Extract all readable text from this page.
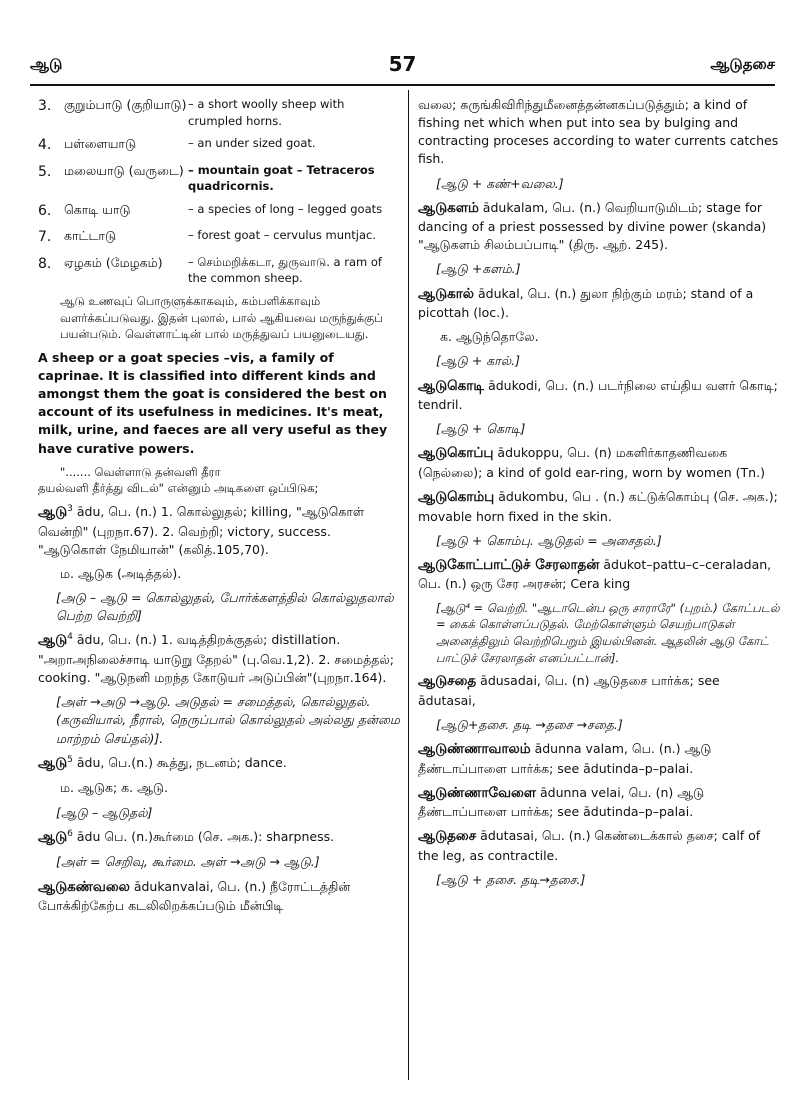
ஆடு	57	ஆடுதசை
3.	குறும்பாடு (குறியாடு) – a short woolly sheep with crumpled horns.
4.	பள்ளையாடு	– an under sized goat.
5.	மலையாடு (வருடை) – mountain goat – Tetraceros quadricornis.
6.	கொடி யாடு	– a species of long – legged goats
7.	காட்டாடு	– forest goat – cervulus muntjac.
8.	ஏழகம் (மேழகம்)	– செம்மறிக்கடா, துருவாடு. a ram of the common sheep.

ஆடு உணவுப் பொருளுக்காகவும், கம்பளிக்காவும் வளர்க்கப்படுவது. இதன் புலால், பால் ஆகியவை மருந்துக்குப் பயன்படும். வெள்ளாட்டின் பால் மருத்துவப் பயனுடையது.

A sheep or a goat species –vis, a family of caprinae. It is classified into different kinds and amongst them the goat is considered the best on account of its usefulness in medicines. It's meat, milk, urine, and faeces are all very useful as they have curative powers.

"....... வெள்ளாடு தன்வளி தீரா

தயல்வளி தீர்த்து விடல்" என்னும் அடிகளை ஒப்பிடுக;

ஆடு$^3$ ādu, பெ. (n.) 1. கொல்லுதல்; killing, "ஆடுகொள் வென்றி" (புறநா.67). 2. வெற்றி; victory, success. "ஆடுகொள் நேமியான்" (கலித்.105,70).

ம. ஆடுக (அடித்தல்).

[அடு – ஆடு = கொல்லுதல், போர்க்களத்தில் கொல்லுதலால் பெற்ற வெற்றி]

ஆடு$^4$ ādu, பெ. (n.) 1. வடித்திறக்குதல்; distillation. "அறாஅநிலைச்சாடி யாடுறு தேறல்" (பு.வெ.1,2). 2. சமைத்தல்; cooking. "ஆடுநனி மறந்த கோடுயர் அடுப்பின்"(புறநா.164).

[அள் →அடு →ஆடு. அடுதல் = சமைத்தல், கொல்லுதல். (கருவியால், நீரால், நெருப்பால் கொல்லுதல் அல்லது தன்மை மாற்றம் செய்தல்)].

ஆடு$^5$ ādu, பெ.(n.) கூத்து, நடனம்; dance.

ம. ஆடுக; க. ஆடு.

[ஆடு – ஆடுதல்]

ஆடு$^6$ ādu பெ. (n.)கூர்மை (செ. அக.): sharpness.

[அள் = செறிவு, கூர்மை. அள் →அடு → ஆடு.]

ஆடுகண்வலை ādukanvalai, பெ. (n.) நீரோட்டத்தின் போக்கிற்கேற்ப கடலிலிறக்கப்படும் மீன்பிடி

வலை; சுருங்கிவிரிந்துமீனைத்தன்னகப்படுத்தும்; a kind of fishing net which when put into sea by bulging and contracting proceses according to water currents catches fish.

[ஆடு + கண்+வலை.]

ஆடுகளம் ādukalam, பெ. (n.) வெறியாடுமிடம்; stage for dancing of a priest possessed by divine power (skanda) "ஆடுகளம் சிலம்பப்பாடி" (திரு. ஆற். 245).

[ஆடு +களம்.]

ஆடுகால் ādukal, பெ. (n.) துலா நிற்கும் மரம்; stand of a picottah (loc.).

க. ஆடுந்தொலே.

[ஆடு + கால்.]

ஆடுகொடி ādukodi, பெ. (n.) படர்நிலை எய்திய வளர் கொடி; tendril.

[ஆடு + கொடி]

ஆடுகொப்பு ādukoppu, பெ. (n) மகளிர்காதணிவகை (நெல்லை); a kind of gold ear-ring, worn by women (Tn.)

ஆடுகொம்பு ādukombu, பெ . (n.) கட்டுக்கொம்பு (செ. அக.); movable horn fixed in the skin.

[ஆடு + கொம்பு. ஆடுதல் = அசைதல்.]

ஆடுகோட்பாட்டுச் சேரலாதன் ādukot–pattu–c–ceraladan, பெ. (n.) ஒரு சேர அரசன்; Cera king

[ஆடு⁴ = வெற்றி. "ஆடாடென்ப ஒரு சாராரே" (புறம்.) கோட்படல் = கைக் கொள்ளப்படுதல். மேற்கொள்ளும் செயற்பாடுகள் அனைத்திலும் வெற்றிபெறும் இயல்பினன். ஆதலின் ஆடு கோட் பாட்டுச் சேரலாதன் எனப்பட்டான்].

ஆடுசதை ādusadai, பெ. (n) ஆடுதசை பார்க்க; see ādutasai,

[ஆடு+தசை. தடி →தசை →சதை.]

ஆடுண்ணாவாலம் ādunna valam, பெ. (n.) ஆடு தீண்டாப்பாளை பார்க்க; see ādutinda–p–palai.

ஆடுண்ணாவேளை ādunna velai, பெ. (n) ஆடு தீண்டாப்பாளை பார்க்க; see ādutinda–p–palai.

ஆடுதசை ādutasai, பெ. (n.) கெண்டைக்கால் தசை; calf of the leg, as contractile.

[ஆடு + தசை. தடி→தசை.]
